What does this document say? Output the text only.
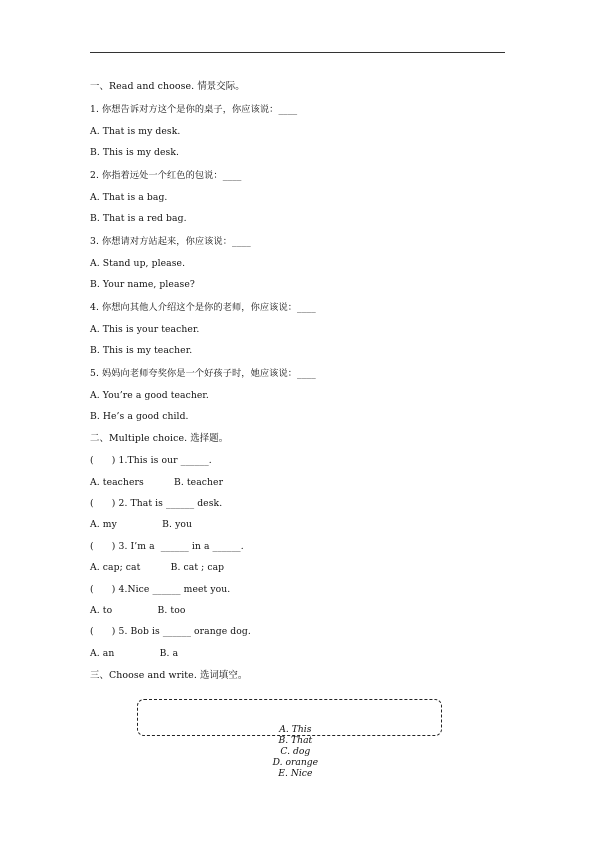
一、Read and choose. 情景交际。
1. 你想告诉对方这个是你的桌子，你应该说：____
A. That is my desk.
B. This is my desk.
2. 你指着远处一个红色的包说：____
A. That is a bag.
B. That is a red bag.
3. 你想请对方站起来，你应该说：____
A. Stand up, please.
B. Your name, please?
4. 你想向其他人介绍这个是你的老师，你应该说：____
A. This is your teacher.
B. This is my teacher.
5. 妈妈向老师夸奖你是一个好孩子时，她应该说：____
A. You’re a good teacher.
B. He’s a good child.
二、Multiple choice. 选择题。
(      ) 1.This is our ______.
A. teachers          B. teacher
(      ) 2. That is ______ desk.
A. my               B. you
(      ) 3. I’m a  ______ in a ______.
A. cap; cat          B. cat ; cap
(      ) 4.Nice ______ meet you.
A. to               B. too
(      ) 5. Bob is ______ orange dog.
A. an               B. a
三、Choose and write. 选词填空。

A. This
B. That
C. dog
D. orange
E. Nice
